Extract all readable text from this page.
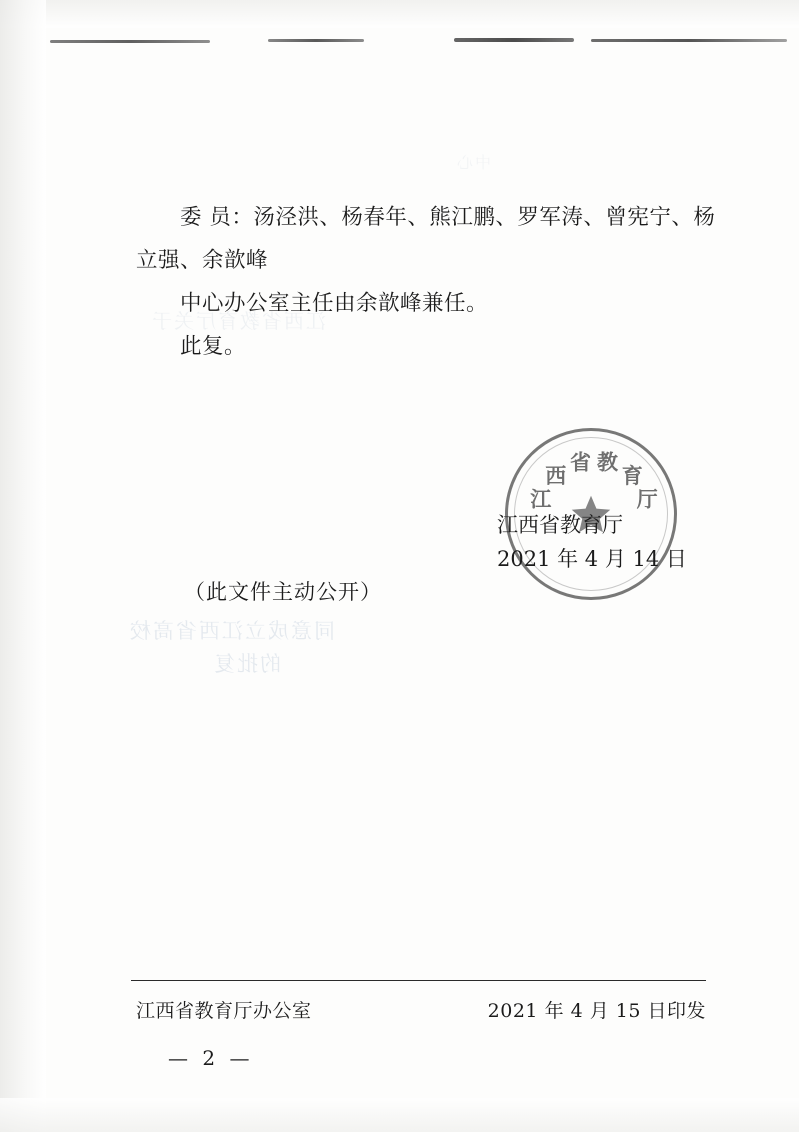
中心
江西省教育厅关于
同意成立江西省高校
的批复

委 员：汤泾洪、杨春年、熊江鹏、罗军涛、曾宪宁、杨

立强、余歆峰

中心办公室主任由余歆峰兼任。

此复。

江
西
省 教
育
厅
江西省教育厅
2021 年 4 月 14 日
（此文件主动公开）
江西省教育厅办公室	2021 年 4 月 15 日印发
— 2 —
